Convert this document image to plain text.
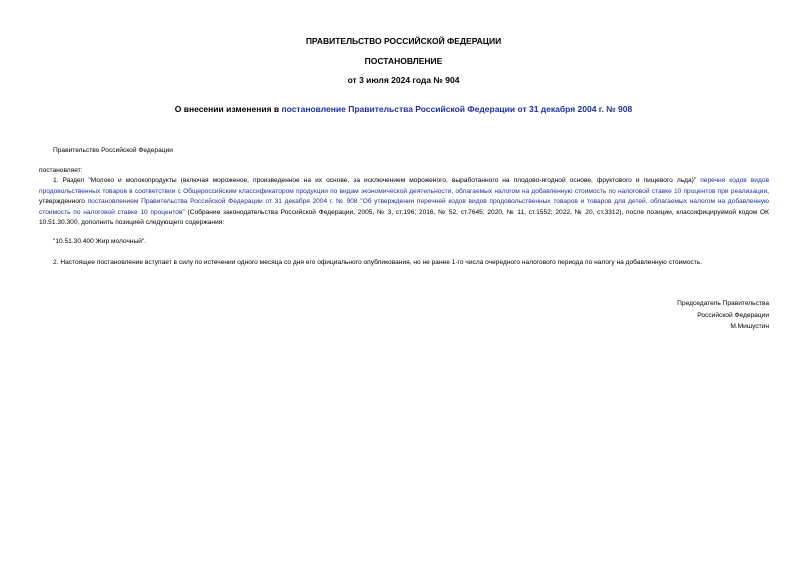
ПРАВИТЕЛЬСТВО РОССИЙСКОЙ ФЕДЕРАЦИИ
ПОСТАНОВЛЕНИЕ
от 3 июля 2024 года № 904
О внесении изменения в постановление Правительства Российской Федерации от 31 декабря 2004 г. № 908
Правительство Российской Федерации
постановляет:
1. Раздел "Молоко и молокопродукты (включая мороженое, произведенное на их основе, за исключением мороженого, выработанного на плодово-ягодной основе, фруктового и пищевого льда)" перечня кодов видов продовольственных товаров в соответствии с Общероссийским классификатором продукции по видам экономической деятельности, облагаемых налогом на добавленную стоимость по налоговой ставке 10 процентов при реализации, утвержденного постановлением Правительства Российской Федерации от 31 декабря 2004 г. № 908 "Об утверждении перечней кодов видов продовольственных товаров и товаров для детей, облагаемых налогом на добавленную стоимость по налоговой ставке 10 процентов" (Собрание законодательства Российской Федерации, 2005, № 3, ст.196; 2016, № 52, ст.7645; 2020, № 11, ст.1552; 2022, № 20, ст.3312), после позиции, классифицируемой кодом ОК 10.51.30.300, дополнить позицией следующего содержания:
"10.51.30.400 Жир молочный".
2. Настоящее постановление вступает в силу по истечении одного месяца со дня его официального опубликования, но не ранее 1-го числа очередного налогового периода по налогу на добавленную стоимость.
Председатель Правительства
Российской Федерации
М.Мишустин
